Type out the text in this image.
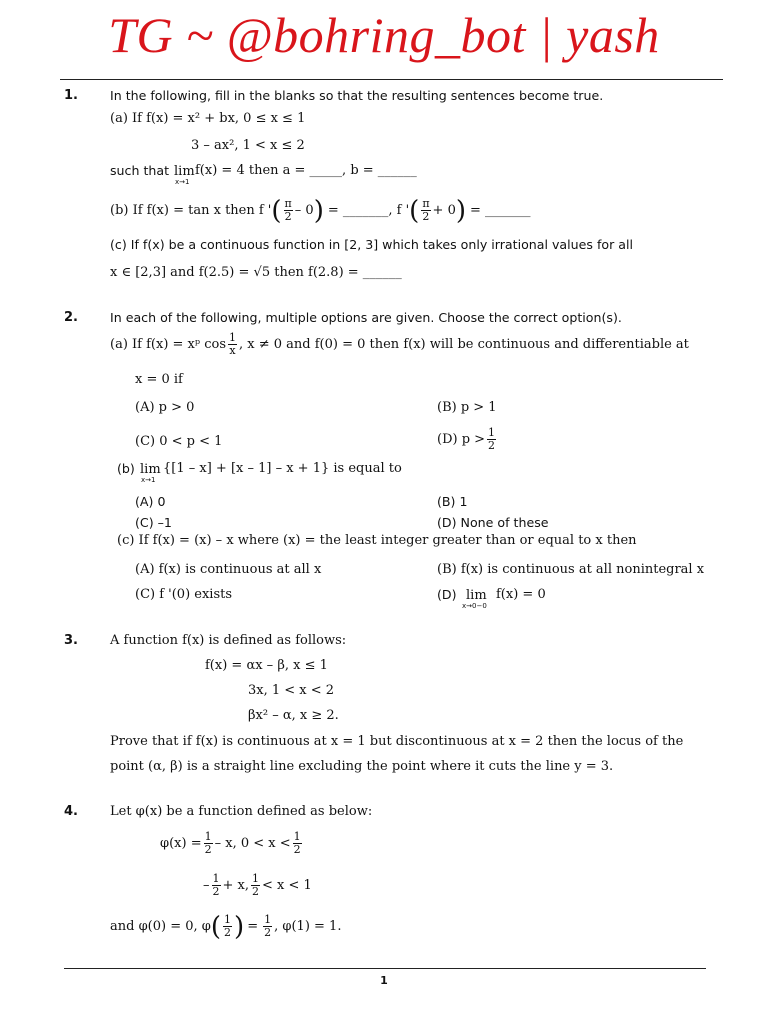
TG ~ @bohring_bot | yash
1.	In the following, fill in the blanks so that the resulting sentences become true.
(a) If f(x) = x² + bx, 0 ≤ x ≤ 1
3 – ax², 1 < x ≤ 2
such that lim
x→1
f(x) = 4 then a = _____, b = ______
(b) If f(x) = tan x then f ' ( $\frac{\pi}{2} - 0$ ) = _______, f ' ( $\frac{\pi}{2} + 0$ ) = _______
(c) If f(x) be a continuous function in [2, 3] which takes only irrational values for all
x ∈ [2,3] and f(2.5) = √5 then f(2.8) = ______
2.	In each of the following, multiple options are given. Choose the correct option(s).
(a) If f(x) = xᵖ $\cos \frac{1}{x}$ , x ≠ 0 and f(0) = 0 then f(x) will be continuous and differentiable at
x = 0 if
(A) p > 0	(B) p > 1
(C) 0 < p < 1	(D) $p > \frac{1}{2}$
(b) lim
x→1
{[1 – x] + [x – 1] – x + 1} is equal to
(A) 0	(B) 1
(C) –1	(D) None of these
(c) If f(x) = (x) – x where (x) = the least integer greater than or equal to x then
(A) f(x) is continuous at all x	(B) f(x) is continuous at all nonintegral x
(C) f '(0) exists	(D) lim
x→0−0
f(x) = 0
3. A function f(x) is defined as follows:
f(x) = αx – β, x ≤ 1
3x, 1 < x < 2
βx² – α, x ≥ 2.
Prove that if f(x) is continuous at x = 1 but discontinuous at x = 2 then the locus of the
point (α, β) is a straight line excluding the point where it cuts the line y = 3.
4. Let φ(x) be a function defined as below:
$\varphi(x) = \frac{1}{2} - x$, $0 < x < \frac{1}{2}$
– $\frac{1}{2} + x$, $\frac{1}{2} < x < 1$
and φ(0) = 0, φ ( $\frac{1}{2}$ ) = $\frac{1}{2}$ , φ(1) = 1.
1
